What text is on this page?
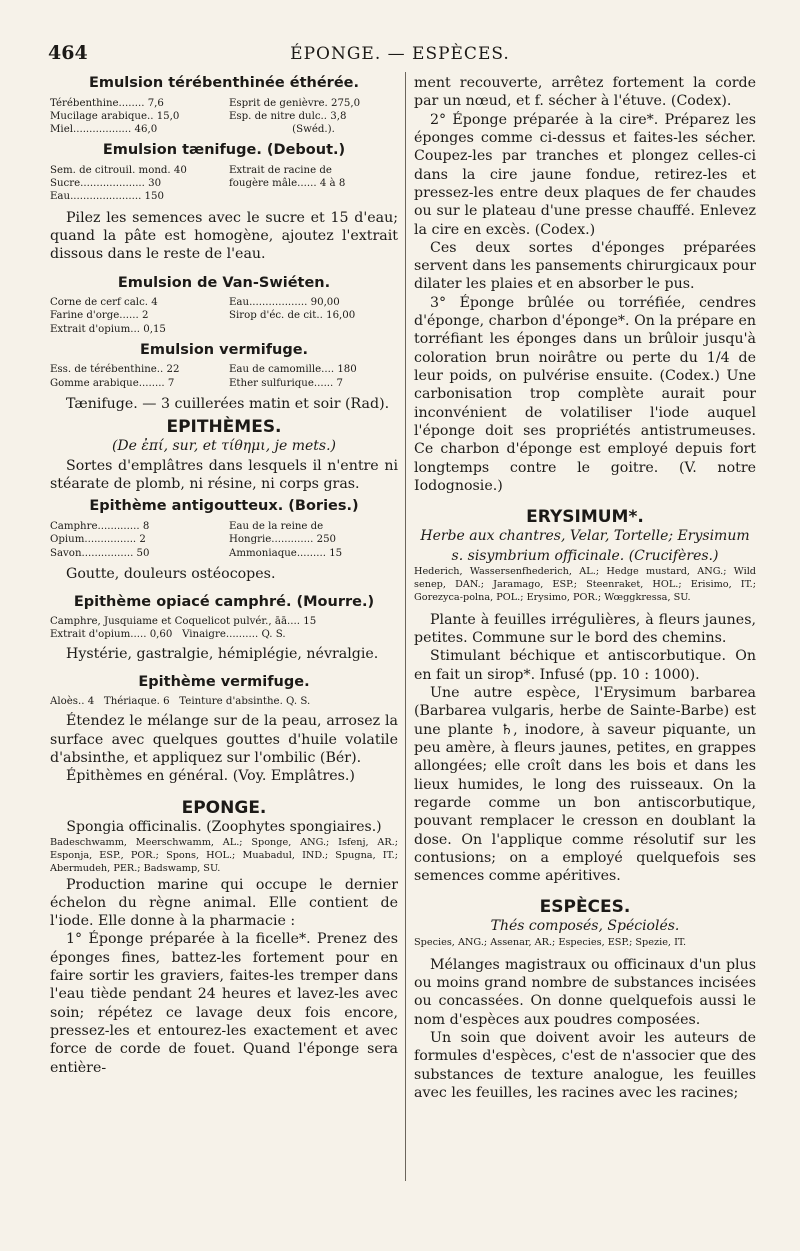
464	ÉPONGE. — ESPÈCES.

Emulsion térébenthinée éthérée.

Térébenthine........ 7,6
Mucilage arabique.. 15,0
Miel.................. 46,0
Esprit de genièvre. 275,0
Esp. de nitre dulc.. 3,8
(Swéd.).

Emulsion tænifuge. (Debout.)

Sem. de citrouil. mond. 40
Sucre.................... 30
Eau...................... 150
Extrait de racine de
fougère mâle...... 4 à 8

Pilez les semences avec le sucre et 15 d'eau; quand la pâte est homogène, ajoutez l'extrait dissous dans le reste de l'eau.

Emulsion de Van-Swiéten.

Corne de cerf calc. 4
Farine d'orge...... 2
Extrait d'opium... 0,15
Eau.................. 90,00
Sirop d'éc. de cit.. 16,00

Emulsion vermifuge.

Ess. de térébenthine.. 22
Gomme arabique........ 7
Eau de camomille.... 180
Ether sulfurique...... 7

Tænifuge. — 3 cuillerées matin et soir (Rad).

EPITHÈMES.

(De ἐπί, sur, et τίθημι, je mets.)

Sortes d'emplâtres dans lesquels il n'entre ni stéarate de plomb, ni résine, ni corps gras.

Epithème antigoutteux. (Bories.)

Camphre............. 8
Opium................ 2
Savon................ 50
Eau de la reine de
Hongrie............. 250
Ammoniaque......... 15

Goutte, douleurs ostéocopes.

Epithème opiacé camphré. (Mourre.)

Camphre, Jusquiame et Coquelicot pulvér., āā.... 15
Extrait d'opium..... 0,60   Vinaigre.......... Q. S.

Hystérie, gastralgie, hémiplégie, névralgie.

Epithème vermifuge.

Aloès.. 4   Thériaque. 6   Teinture d'absinthe. Q. S.

Étendez le mélange sur de la peau, arrosez la surface avec quelques gouttes d'huile volatile d'absinthe, et appliquez sur l'ombilic (Bér).

Épithèmes en général. (Voy. Emplâtres.)

EPONGE.

Spongia officinalis. (Zoophytes spongiaires.)

Badeschwamm, Meerschwamm, AL.; Sponge, ANG.; Isfenj, AR.; Esponja, ESP., POR.; Spons, HOL.; Muabadul, IND.; Spugna, IT.; Abermudeh, PER.; Badswamp, SU.

Production marine qui occupe le dernier échelon du règne animal. Elle contient de l'iode. Elle donne à la pharmacie :

1° Éponge préparée à la ficelle*. Prenez des éponges fines, battez-les fortement pour en faire sortir les graviers, faites-les tremper dans l'eau tiède pendant 24 heures et lavez-les avec soin; répétez ce lavage deux fois encore, pressez-les et entourez-les exactement et avec force de corde de fouet. Quand l'éponge sera entière-

ment recouverte, arrêtez fortement la corde par un nœud, et f. sécher à l'étuve. (Codex).

2° Éponge préparée à la cire*. Préparez les éponges comme ci-dessus et faites-les sécher. Coupez-les par tranches et plongez celles-ci dans la cire jaune fondue, retirez-les et pressez-les entre deux plaques de fer chaudes ou sur le plateau d'une presse chauffé. Enlevez la cire en excès. (Codex.)

Ces deux sortes d'éponges préparées servent dans les pansements chirurgicaux pour dilater les plaies et en absorber le pus.

3° Éponge brûlée ou torréfiée, cendres d'éponge, charbon d'éponge*. On la prépare en torréfiant les éponges dans un brûloir jusqu'à coloration brun noirâtre ou perte du 1/4 de leur poids, on pulvérise ensuite. (Codex.) Une carbonisation trop complète aurait pour inconvénient de volatiliser l'iode auquel l'éponge doit ses propriétés antistrumeuses. Ce charbon d'éponge est employé depuis fort longtemps contre le goitre. (V. notre Iodognosie.)

ERYSIMUM*.

Herbe aux chantres, Velar, Tortelle; Erysimum

s. sisymbrium officinale. (Crucifères.)

Hederich, Wassersenfhederich, AL.; Hedge mustard, ANG.; Wild senep, DAN.; Jaramago, ESP.; Steenraket, HOL.; Erisimo, IT.; Gorezyca-polna, POL.; Erysimo, POR.; Wœggkressa, SU.

Plante à feuilles irrégulières, à fleurs jaunes, petites. Commune sur le bord des chemins.

Stimulant béchique et antiscorbutique. On en fait un sirop*. Infusé (pp. 10 : 1000).

Une autre espèce, l'Erysimum barbarea (Barbarea vulgaris, herbe de Sainte-Barbe) est une plante ♄, inodore, à saveur piquante, un peu amère, à fleurs jaunes, petites, en grappes allongées; elle croît dans les bois et dans les lieux humides, le long des ruisseaux. On la regarde comme un bon antiscorbutique, pouvant remplacer le cresson en doublant la dose. On l'applique comme résolutif sur les contusions; on a employé quelquefois ses semences comme apéritives.

ESPÈCES.

Thés composés, Spéciolés.

Species, ANG.; Assenar, AR.; Especies, ESP.; Spezie, IT.

Mélanges magistraux ou officinaux d'un plus ou moins grand nombre de substances incisées ou concassées. On donne quelquefois aussi le nom d'espèces aux poudres composées.

Un soin que doivent avoir les auteurs de formules d'espèces, c'est de n'associer que des substances de texture analogue, les feuilles avec les feuilles, les racines avec les racines;
